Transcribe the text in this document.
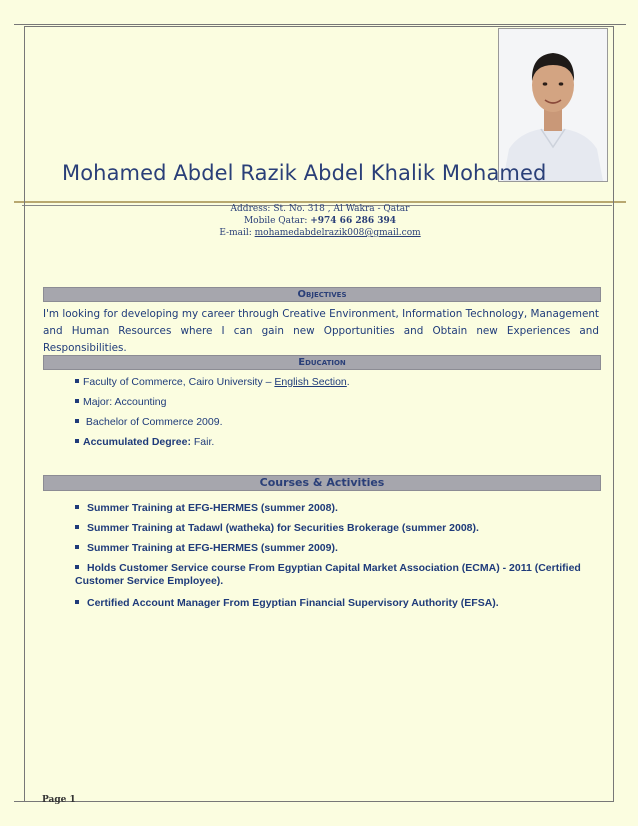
Mohamed Abdel Razik Abdel Khalik Mohamed
Address: St. No. 318 , Al Wakra - Qatar
Mobile Qatar: +974 66 286 394
E-mail: mohamedabdelrazik008@gmail.com
Objectives
I'm looking for developing my career through Creative Environment, Information Technology, Management and Human Resources where I can gain new Opportunities and Obtain new Experiences and Responsibilities.
Education
Faculty of Commerce, Cairo University – English Section.
Major: Accounting
Bachelor of Commerce 2009.
Accumulated Degree: Fair.
Courses & Activities
Summer Training at EFG-HERMES (summer 2008).
Summer Training at Tadawl (watheka) for Securities Brokerage (summer 2008).
Summer Training at EFG-HERMES (summer 2009).
Holds Customer Service course From Egyptian Capital Market Association (ECMA) - 2011 (Certified Customer Service Employee).
Certified Account Manager From Egyptian Financial Supervisory Authority (EFSA).
Page 1
